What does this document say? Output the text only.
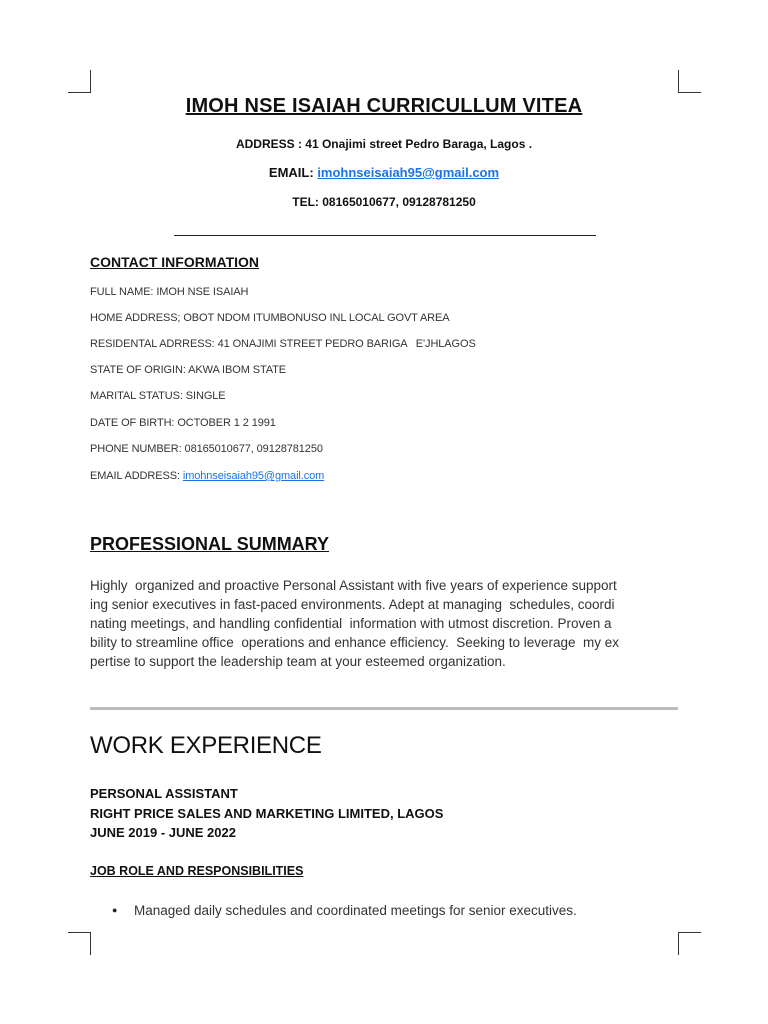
IMOH NSE ISAIAH CURRICULLUM VITEA
ADDRESS : 41 Onajimi street Pedro Baraga, Lagos .
EMAIL: imohnseisaiah95@gmail.com
TEL: 08165010677, 09128781250
CONTACT INFORMATION
FULL NAME: IMOH NSE ISAIAH
HOME ADDRESS; OBOT NDOM ITUMBONUSO INL LOCAL GOVT AREA
RESIDENTAL ADRRESS: 41 ONAJIMI STREET PEDRO BARIGA   E'JHLAGOS
STATE OF ORIGIN: AKWA IBOM STATE
MARITAL STATUS: SINGLE
DATE OF BIRTH: OCTOBER 1 2 1991
PHONE NUMBER: 08165010677, 09128781250
EMAIL ADDRESS: imohnseisaiah95@gmail.com
PROFESSIONAL SUMMARY
Highly  organized and proactive Personal Assistant with five years of experience support
ing senior executives in fast-paced environments. Adept at managing  schedules, coordi
nating meetings, and handling confidential  information with utmost discretion. Proven a
bility to streamline office  operations and enhance efficiency.  Seeking to leverage  my ex
pertise to support the leadership team at your esteemed organization.
WORK EXPERIENCE
PERSONAL ASSISTANT
RIGHT PRICE SALES AND MARKETING LIMITED, LAGOS
JUNE 2019 - JUNE 2022
JOB ROLE AND RESPONSIBILITIES
● Managed daily schedules and coordinated meetings for senior executives.
